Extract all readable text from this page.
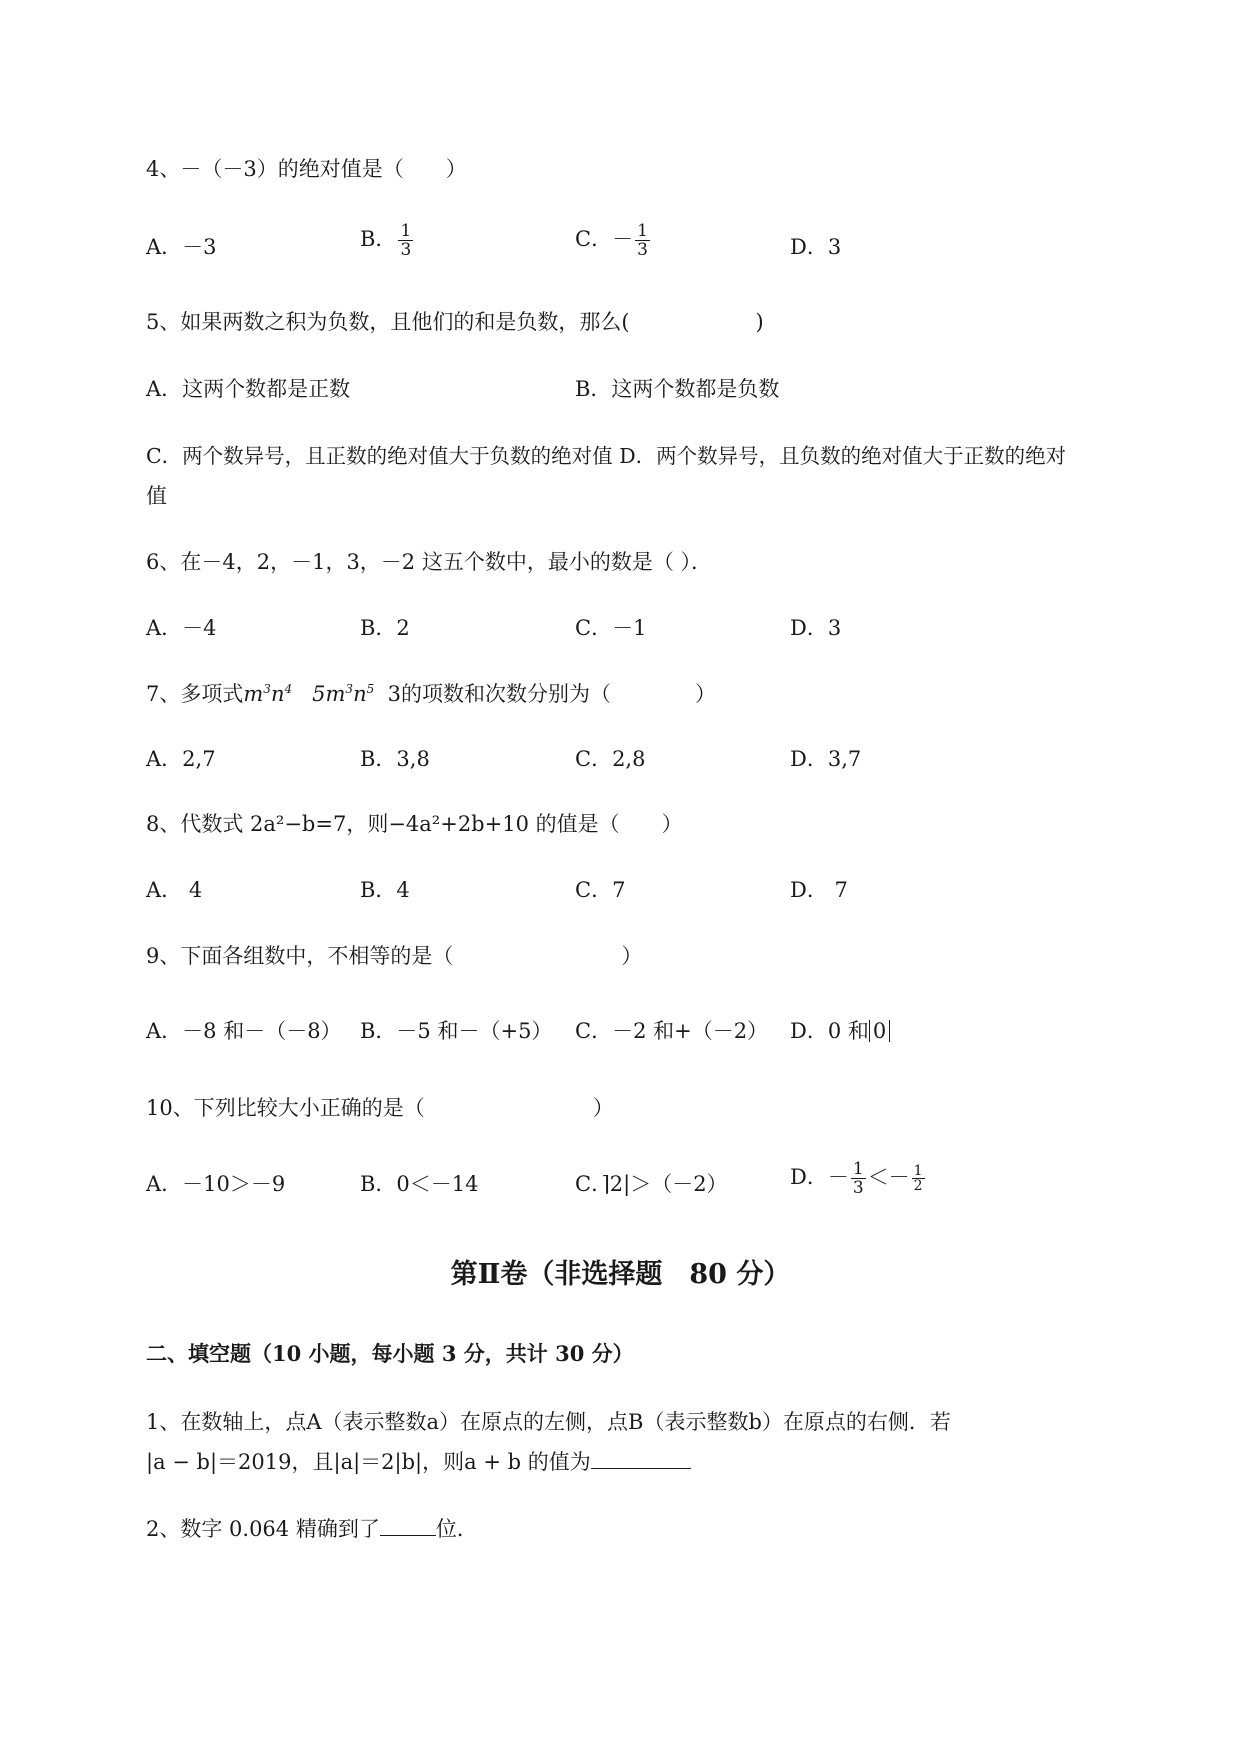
4、－（－3）的绝对值是（　　）
A．－3	B． $\frac{1}{3}$	C．－ $\frac{1}{3}$	D．3
5、如果两数之积为负数，且他们的和是负数，那么(　　　　　　)
A．这两个数都是正数	B．这两个数都是负数
C．两个数异号，且正数的绝对值大于负数的绝对值 D．两个数异号，且负数的绝对值大于正数的绝对
值
6、在－4，2，－1，3，－2 这五个数中，最小的数是（ ）．
A．－4	B．2	C．－1	D．3
7、多项式$m^3n^4$ $5m^3n^5$ 3的项数和次数分别为（　　　　）
A．2,7	B．3,8	C．2,8	D．3,7
8、代数式 2a²−b=7，则−4a²+2b+10 的值是（　　）
A． 4	B．4	C．7	D． 7
9、下面各组数中，不相等的是（　　　　　　　　）
A．－8 和－（－8） B．－5 和－（+5） C．－2 和+（－2） D．0 和 0
10、下列比较大小正确的是（　　　　　　　　）
A．－10＞－9	B．0＜－14	C．⌉2|＞（－2）	D．－ $\frac{1}{3} <- \frac{1}{2}$
第Ⅱ卷（非选择题　80 分）
二、填空题（10 小题，每小题 3 分，共计 30 分）
1、在数轴上，点A（表示整数a）在原点的左侧，点B（表示整数b）在原点的右侧．若
|a − b|＝2019，且|a|＝2|b|，则a + b 的值为
2、数字 0.064 精确到了	位．
